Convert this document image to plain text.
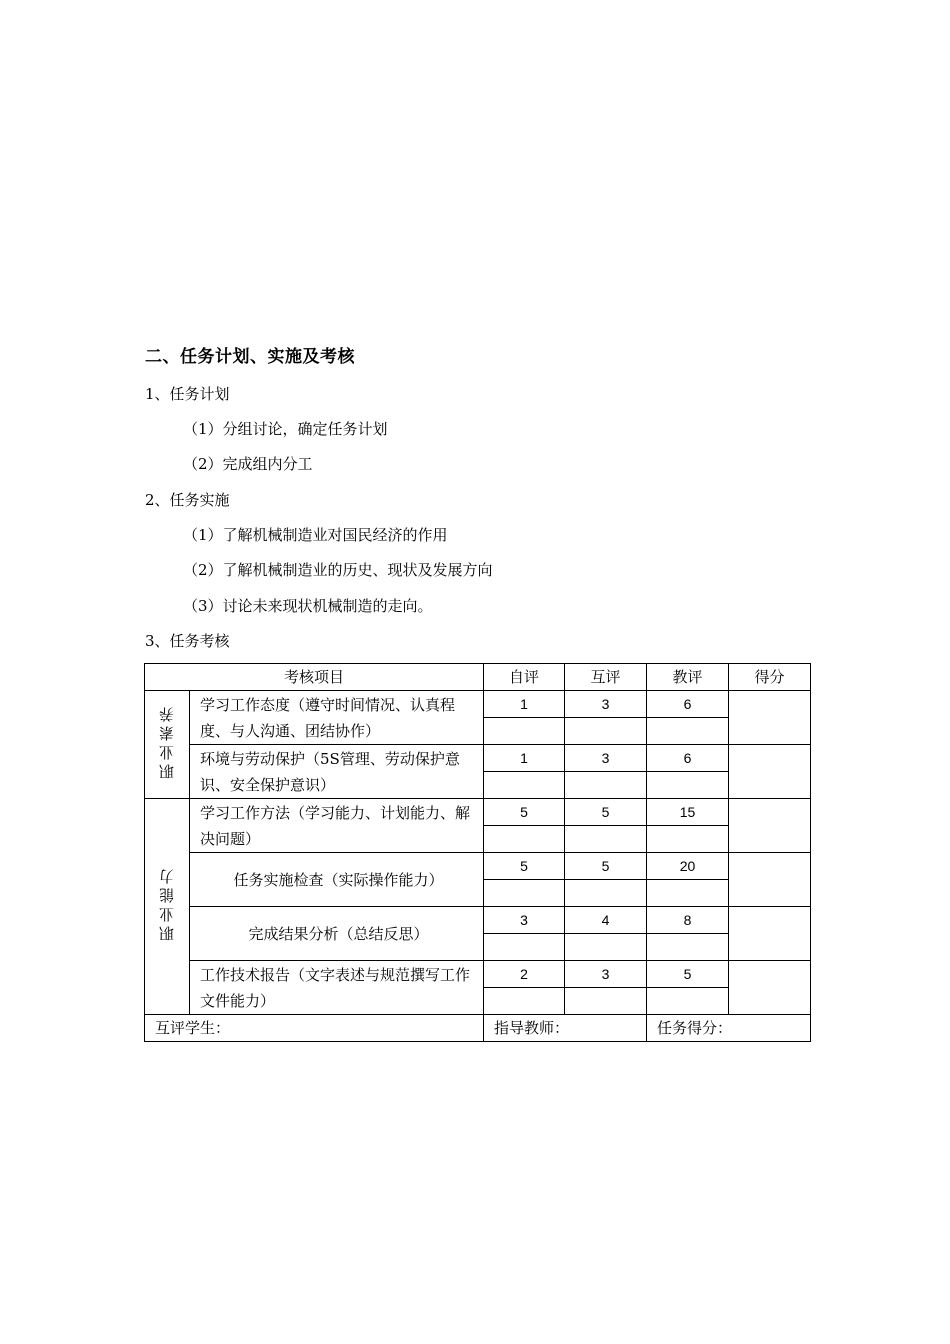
二、任务计划、实施及考核
1、任务计划
（1）分组讨论，确定任务计划
（2）完成组内分工
2、任务实施
（1）了解机械制造业对国民经济的作用
（2）了解机械制造业的历史、现状及发展方向
（3）讨论未来现状机械制造的走向。
3、任务考核
考核项目		自评	互评	教评	得分
职业素养	学习工作态度（遵守时间情况、认真程度、与人沟通、团结协作）	1	3	6	

	环境与劳动保护（5S管理、劳动保护意识、安全保护意识）	1	3	6	

职业能力	学习工作方法（学习能力、计划能力、解决问题）	5	5	15	

	任务实施检查（实际操作能力）	5	5	20	

	完成结果分析（总结反思）	3	4	8	

	工作技术报告（文字表述与规范撰写工作文件能力）	2	3	5	

互评学生：		指导教师：		任务得分：	
